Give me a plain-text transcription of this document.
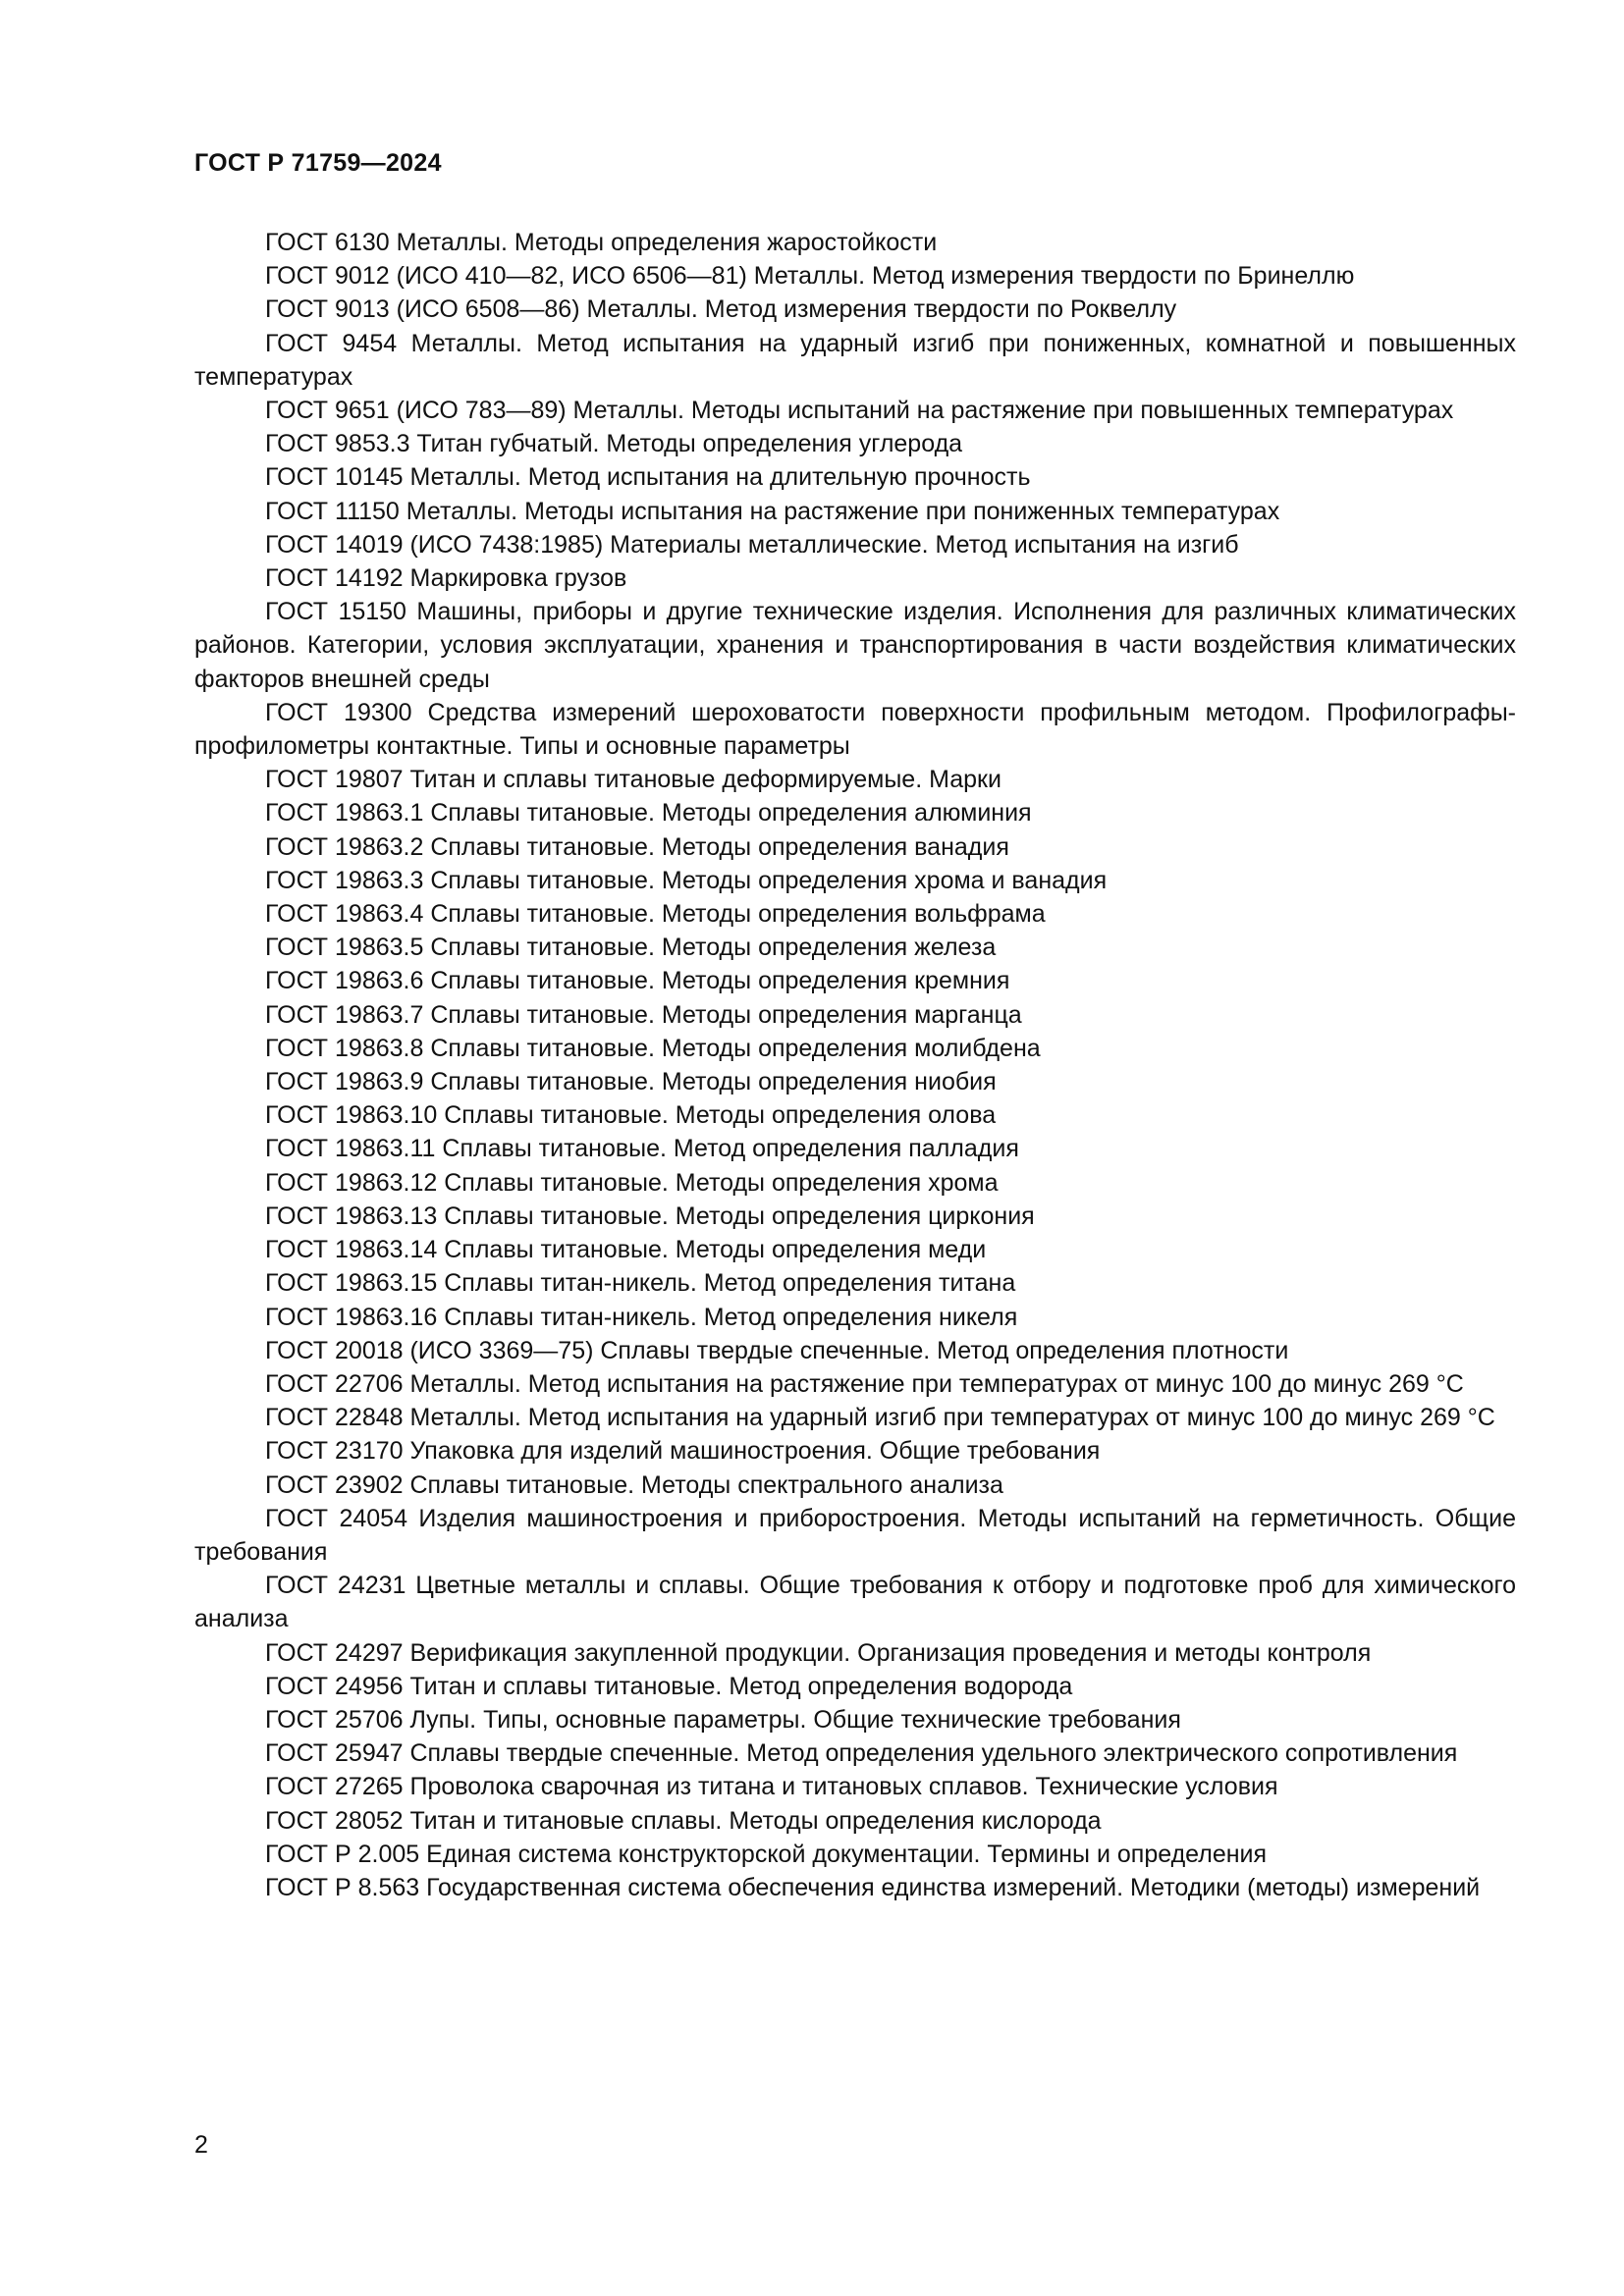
ГОСТ Р 71759—2024

ГОСТ 6130 Металлы. Методы определения жаростойкости

ГОСТ 9012 (ИСО 410—82, ИСО 6506—81) Металлы. Метод измерения твердости по Бринеллю

ГОСТ 9013 (ИСО 6508—86) Металлы. Метод измерения твердости по Роквеллу

ГОСТ 9454 Металлы. Метод испытания на ударный изгиб при пониженных, комнатной и повышенных температурах

ГОСТ 9651 (ИСО 783—89) Металлы. Методы испытаний на растяжение при повышенных температурах

ГОСТ 9853.3 Титан губчатый. Методы определения углерода

ГОСТ 10145 Металлы. Метод испытания на длительную прочность

ГОСТ 11150 Металлы. Методы испытания на растяжение при пониженных температурах

ГОСТ 14019 (ИСО 7438:1985) Материалы металлические. Метод испытания на изгиб

ГОСТ 14192 Маркировка грузов

ГОСТ 15150 Машины, приборы и другие технические изделия. Исполнения для различных климатических районов. Категории, условия эксплуатации, хранения и транспортирования в части воздействия климатических факторов внешней среды

ГОСТ 19300 Средства измерений шероховатости поверхности профильным методом. Профилографы-профилометры контактные. Типы и основные параметры

ГОСТ 19807 Титан и сплавы титановые деформируемые. Марки

ГОСТ 19863.1 Сплавы титановые. Методы определения алюминия

ГОСТ 19863.2 Сплавы титановые. Методы определения ванадия

ГОСТ 19863.3 Сплавы титановые. Методы определения хрома и ванадия

ГОСТ 19863.4 Сплавы титановые. Методы определения вольфрама

ГОСТ 19863.5 Сплавы титановые. Методы определения железа

ГОСТ 19863.6 Сплавы титановые. Методы определения кремния

ГОСТ 19863.7 Сплавы титановые. Методы определения марганца

ГОСТ 19863.8 Сплавы титановые. Методы определения молибдена

ГОСТ 19863.9 Сплавы титановые. Методы определения ниобия

ГОСТ 19863.10 Сплавы титановые. Методы определения олова

ГОСТ 19863.11 Сплавы титановые. Метод определения палладия

ГОСТ 19863.12 Сплавы титановые. Методы определения хрома

ГОСТ 19863.13 Сплавы титановые. Методы определения циркония

ГОСТ 19863.14 Сплавы титановые. Методы определения меди

ГОСТ 19863.15 Сплавы титан-никель. Метод определения титана

ГОСТ 19863.16 Сплавы титан-никель. Метод определения никеля

ГОСТ 20018 (ИСО 3369—75) Сплавы твердые спеченные. Метод определения плотности

ГОСТ 22706 Металлы. Метод испытания на растяжение при температурах от минус 100 до минус 269 °C

ГОСТ 22848 Металлы. Метод испытания на ударный изгиб при температурах от минус 100 до минус 269 °C

ГОСТ 23170 Упаковка для изделий машиностроения. Общие требования

ГОСТ 23902 Сплавы титановые. Методы спектрального анализа

ГОСТ 24054 Изделия машиностроения и приборостроения. Методы испытаний на герметичность. Общие требования

ГОСТ 24231 Цветные металлы и сплавы. Общие требования к отбору и подготовке проб для химического анализа

ГОСТ 24297 Верификация закупленной продукции. Организация проведения и методы контроля

ГОСТ 24956 Титан и сплавы титановые. Метод определения водорода

ГОСТ 25706 Лупы. Типы, основные параметры. Общие технические требования

ГОСТ 25947 Сплавы твердые спеченные. Метод определения удельного электрического сопротивления

ГОСТ 27265 Проволока сварочная из титана и титановых сплавов. Технические условия

ГОСТ 28052 Титан и титановые сплавы. Методы определения кислорода

ГОСТ Р 2.005 Единая система конструкторской документации. Термины и определения

ГОСТ Р 8.563 Государственная система обеспечения единства измерений. Методики (методы) измерений

2
